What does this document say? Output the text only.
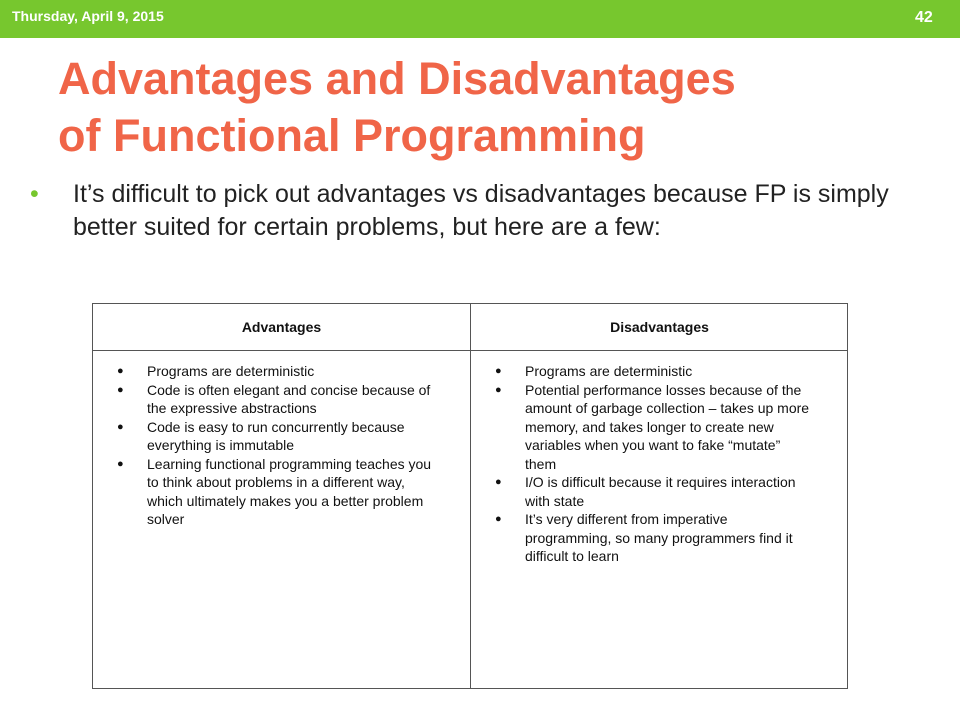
Thursday, April 9, 2015	42
Advantages and Disadvantages
of Functional Programming
• It’s difficult to pick out advantages vs disadvantages because FP is simply better suited for certain problems, but here are a few:
Advantages	Disadvantages
● Programs are deterministic
● Code is often elegant and concise because of the expressive abstractions
● Code is easy to run concurrently because everything is immutable
● Learning functional programming teaches you to think about problems in a different way, which ultimately makes you a better problem solver
● Programs are deterministic
● Potential performance losses because of the amount of garbage collection – takes up more memory, and takes longer to create new variables when you want to fake “mutate” them
● I/O is difficult because it requires interaction with state
● It’s very different from imperative programming, so many programmers find it difficult to learn
